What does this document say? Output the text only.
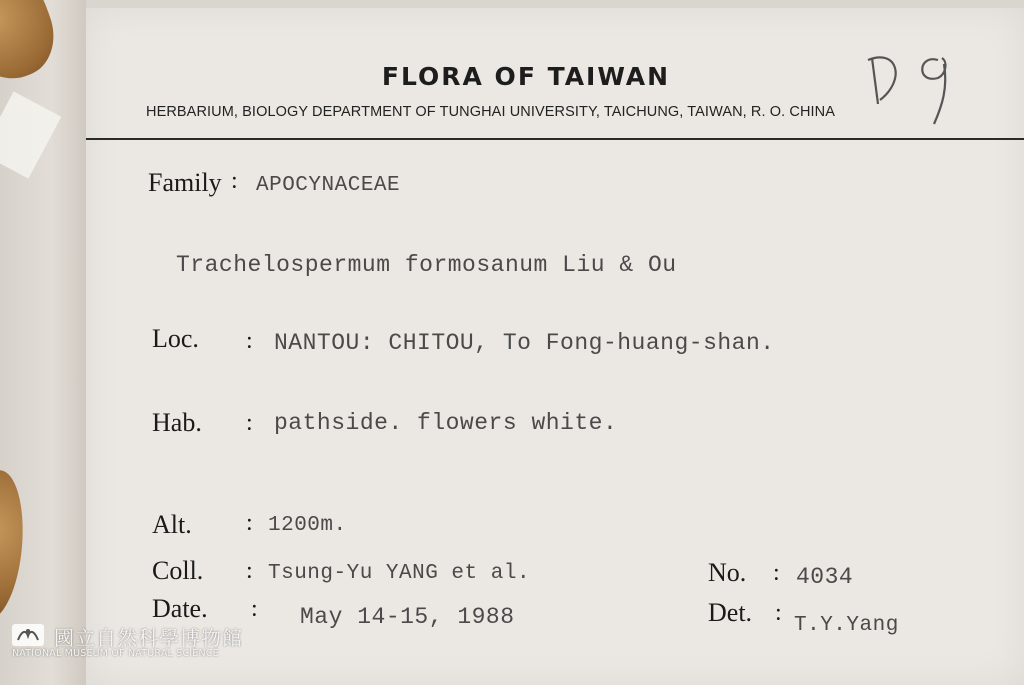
FLORA OF TAIWAN
HERBARIUM, BIOLOGY DEPARTMENT OF TUNGHAI UNIVERSITY, TAICHUNG, TAIWAN, R. O. CHINA
Family : APOCYNACEAE
Trachelospermum formosanum Liu & Ou
Loc. : NANTOU: CHITOU, To Fong-huang-shan.
Hab. : pathside. flowers white.
Alt. : 1200m.
Coll. : Tsung-Yu YANG et al.	No. : 4034
Date. : May 14-15, 1988	Det. : T.Y.Yang
國立自然科學博物館
NATIONAL MUSEUM OF NATURAL SCIENCE
